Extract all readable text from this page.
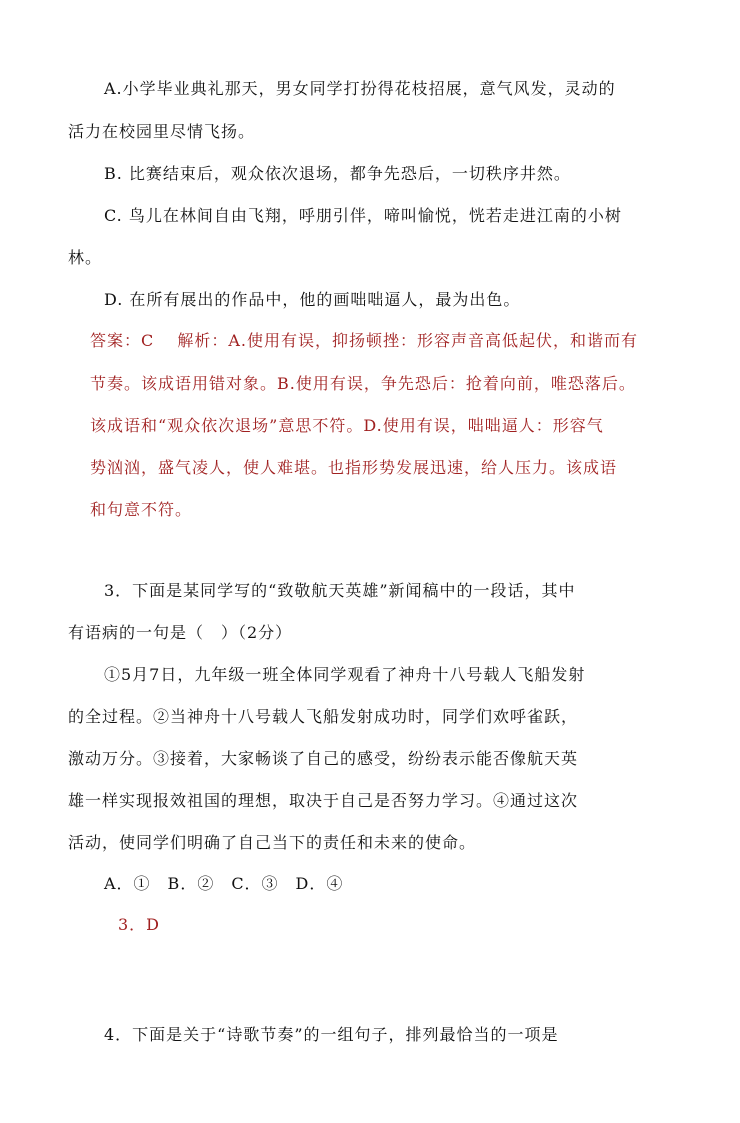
A.小学毕业典礼那天，男女同学打扮得花枝招展，意气风发，灵动的
活力在校园里尽情飞扬。
B. 比赛结束后，观众依次退场，都争先恐后，一切秩序井然。
C. 鸟儿在林间自由飞翔，呼朋引伴，啼叫愉悦，恍若走进江南的小树
林。
D. 在所有展出的作品中，他的画咄咄逼人，最为出色。
答案：C　 解析：A.使用有误，抑扬顿挫：形容声音高低起伏，和谐而有
节奏。该成语用错对象。B.使用有误，争先恐后：抢着向前，唯恐落后。
该成语和“观众依次退场”意思不符。D.使用有误，咄咄逼人：形容气
势汹汹，盛气凌人，使人难堪。也指形势发展迅速，给人压力。该成语
和句意不符。
3．下面是某同学写的“致敬航天英雄”新闻稿中的一段话，其中
有语病的一句是（　）（2分）
①5月7日，九年级一班全体同学观看了神舟十八号载人飞船发射
的全过程。②当神舟十八号载人飞船发射成功时，同学们欢呼雀跃，
激动万分。③接着，大家畅谈了自己的感受，纷纷表示能否像航天英
雄一样实现报效祖国的理想，取决于自己是否努力学习。④通过这次
活动，使同学们明确了自己当下的责任和未来的使命。
A．①　B．②　C．③　D．④
3．D
4．下面是关于“诗歌节奏”的一组句子，排列最恰当的一项是
